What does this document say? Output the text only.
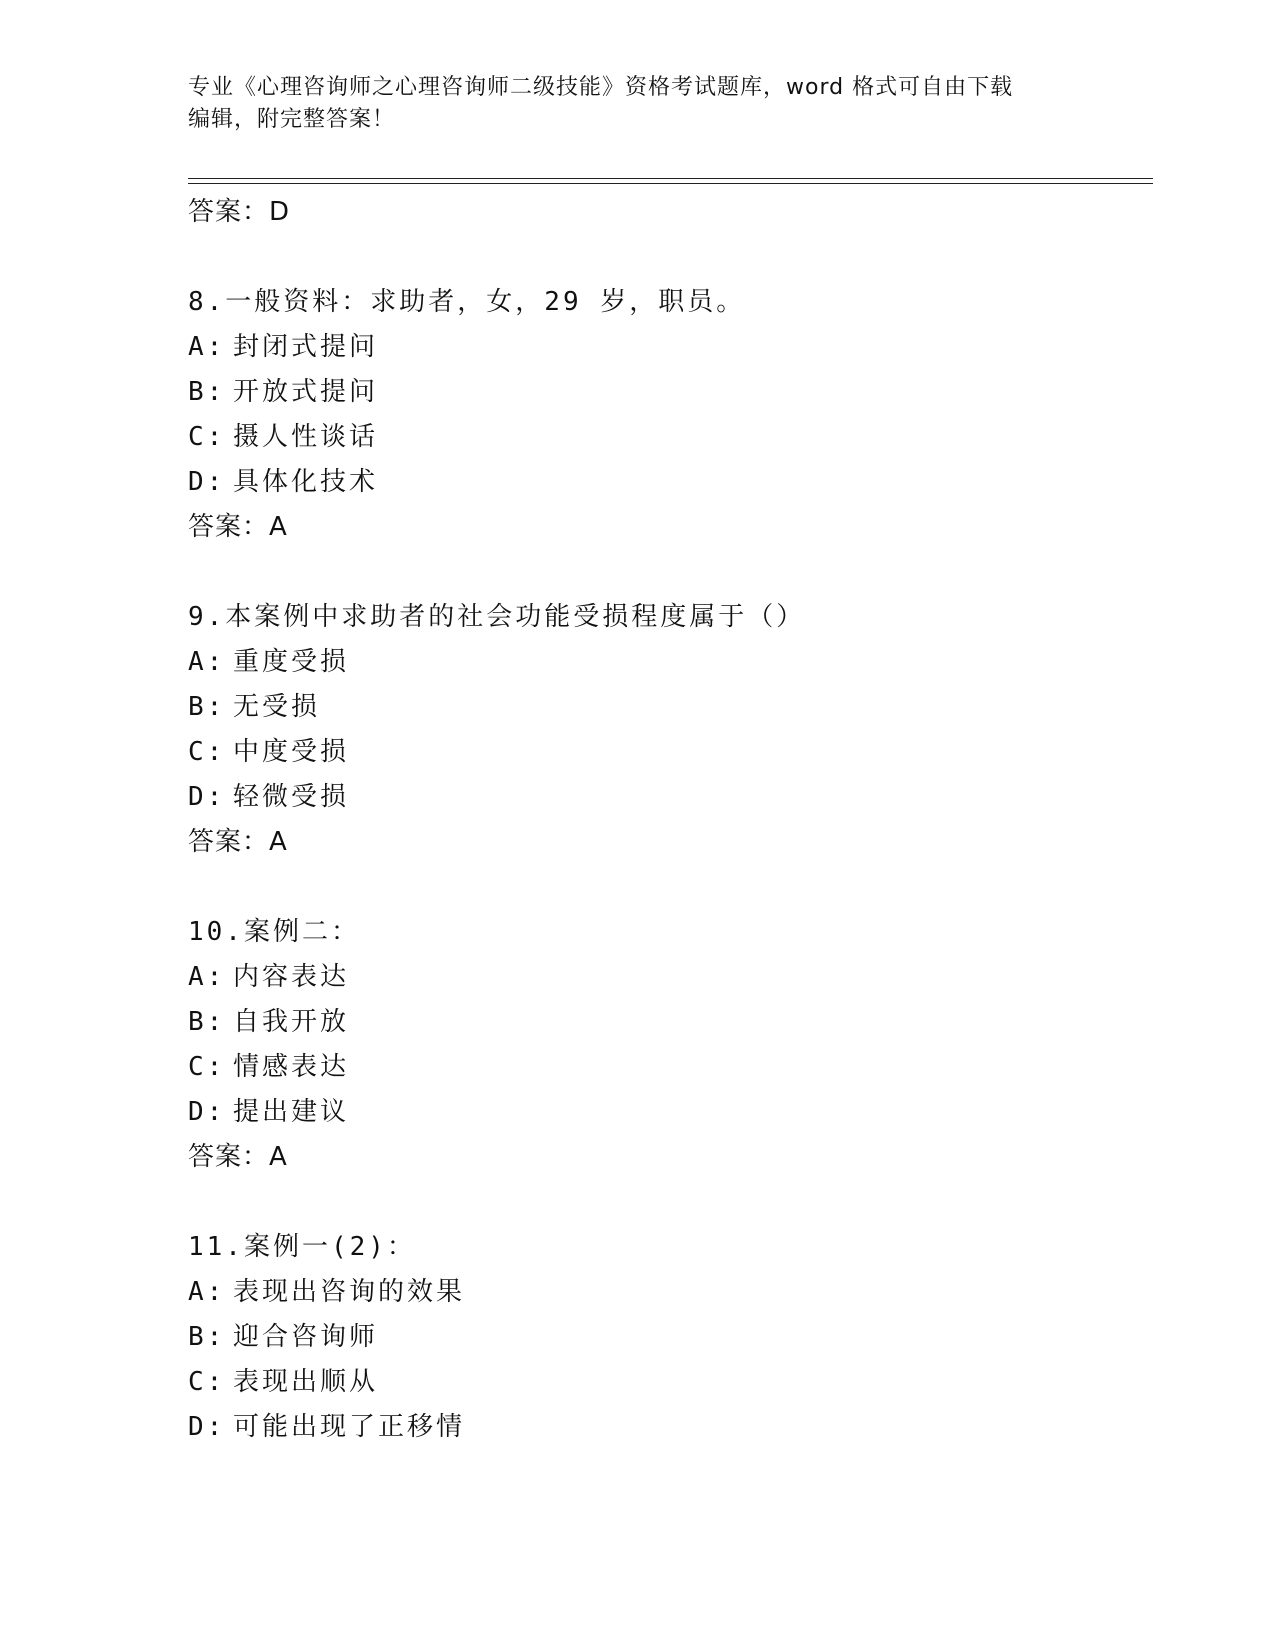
专业《心理咨询师之心理咨询师二级技能》资格考试题库，word 格式可自由下载
编辑，附完整答案！
答案：D
8.一般资料：求助者，女，29 岁，职员。
A: 封闭式提问
B: 开放式提问
C: 摄人性谈话
D: 具体化技术
答案：A
9.本案例中求助者的社会功能受损程度属于（）
A: 重度受损
B: 无受损
C: 中度受损
D: 轻微受损
答案：A
10.案例二：
A: 内容表达
B: 自我开放
C: 情感表达
D: 提出建议
答案：A
11.案例一(2)：
A: 表现出咨询的效果
B: 迎合咨询师
C: 表现出顺从
D: 可能出现了正移情
